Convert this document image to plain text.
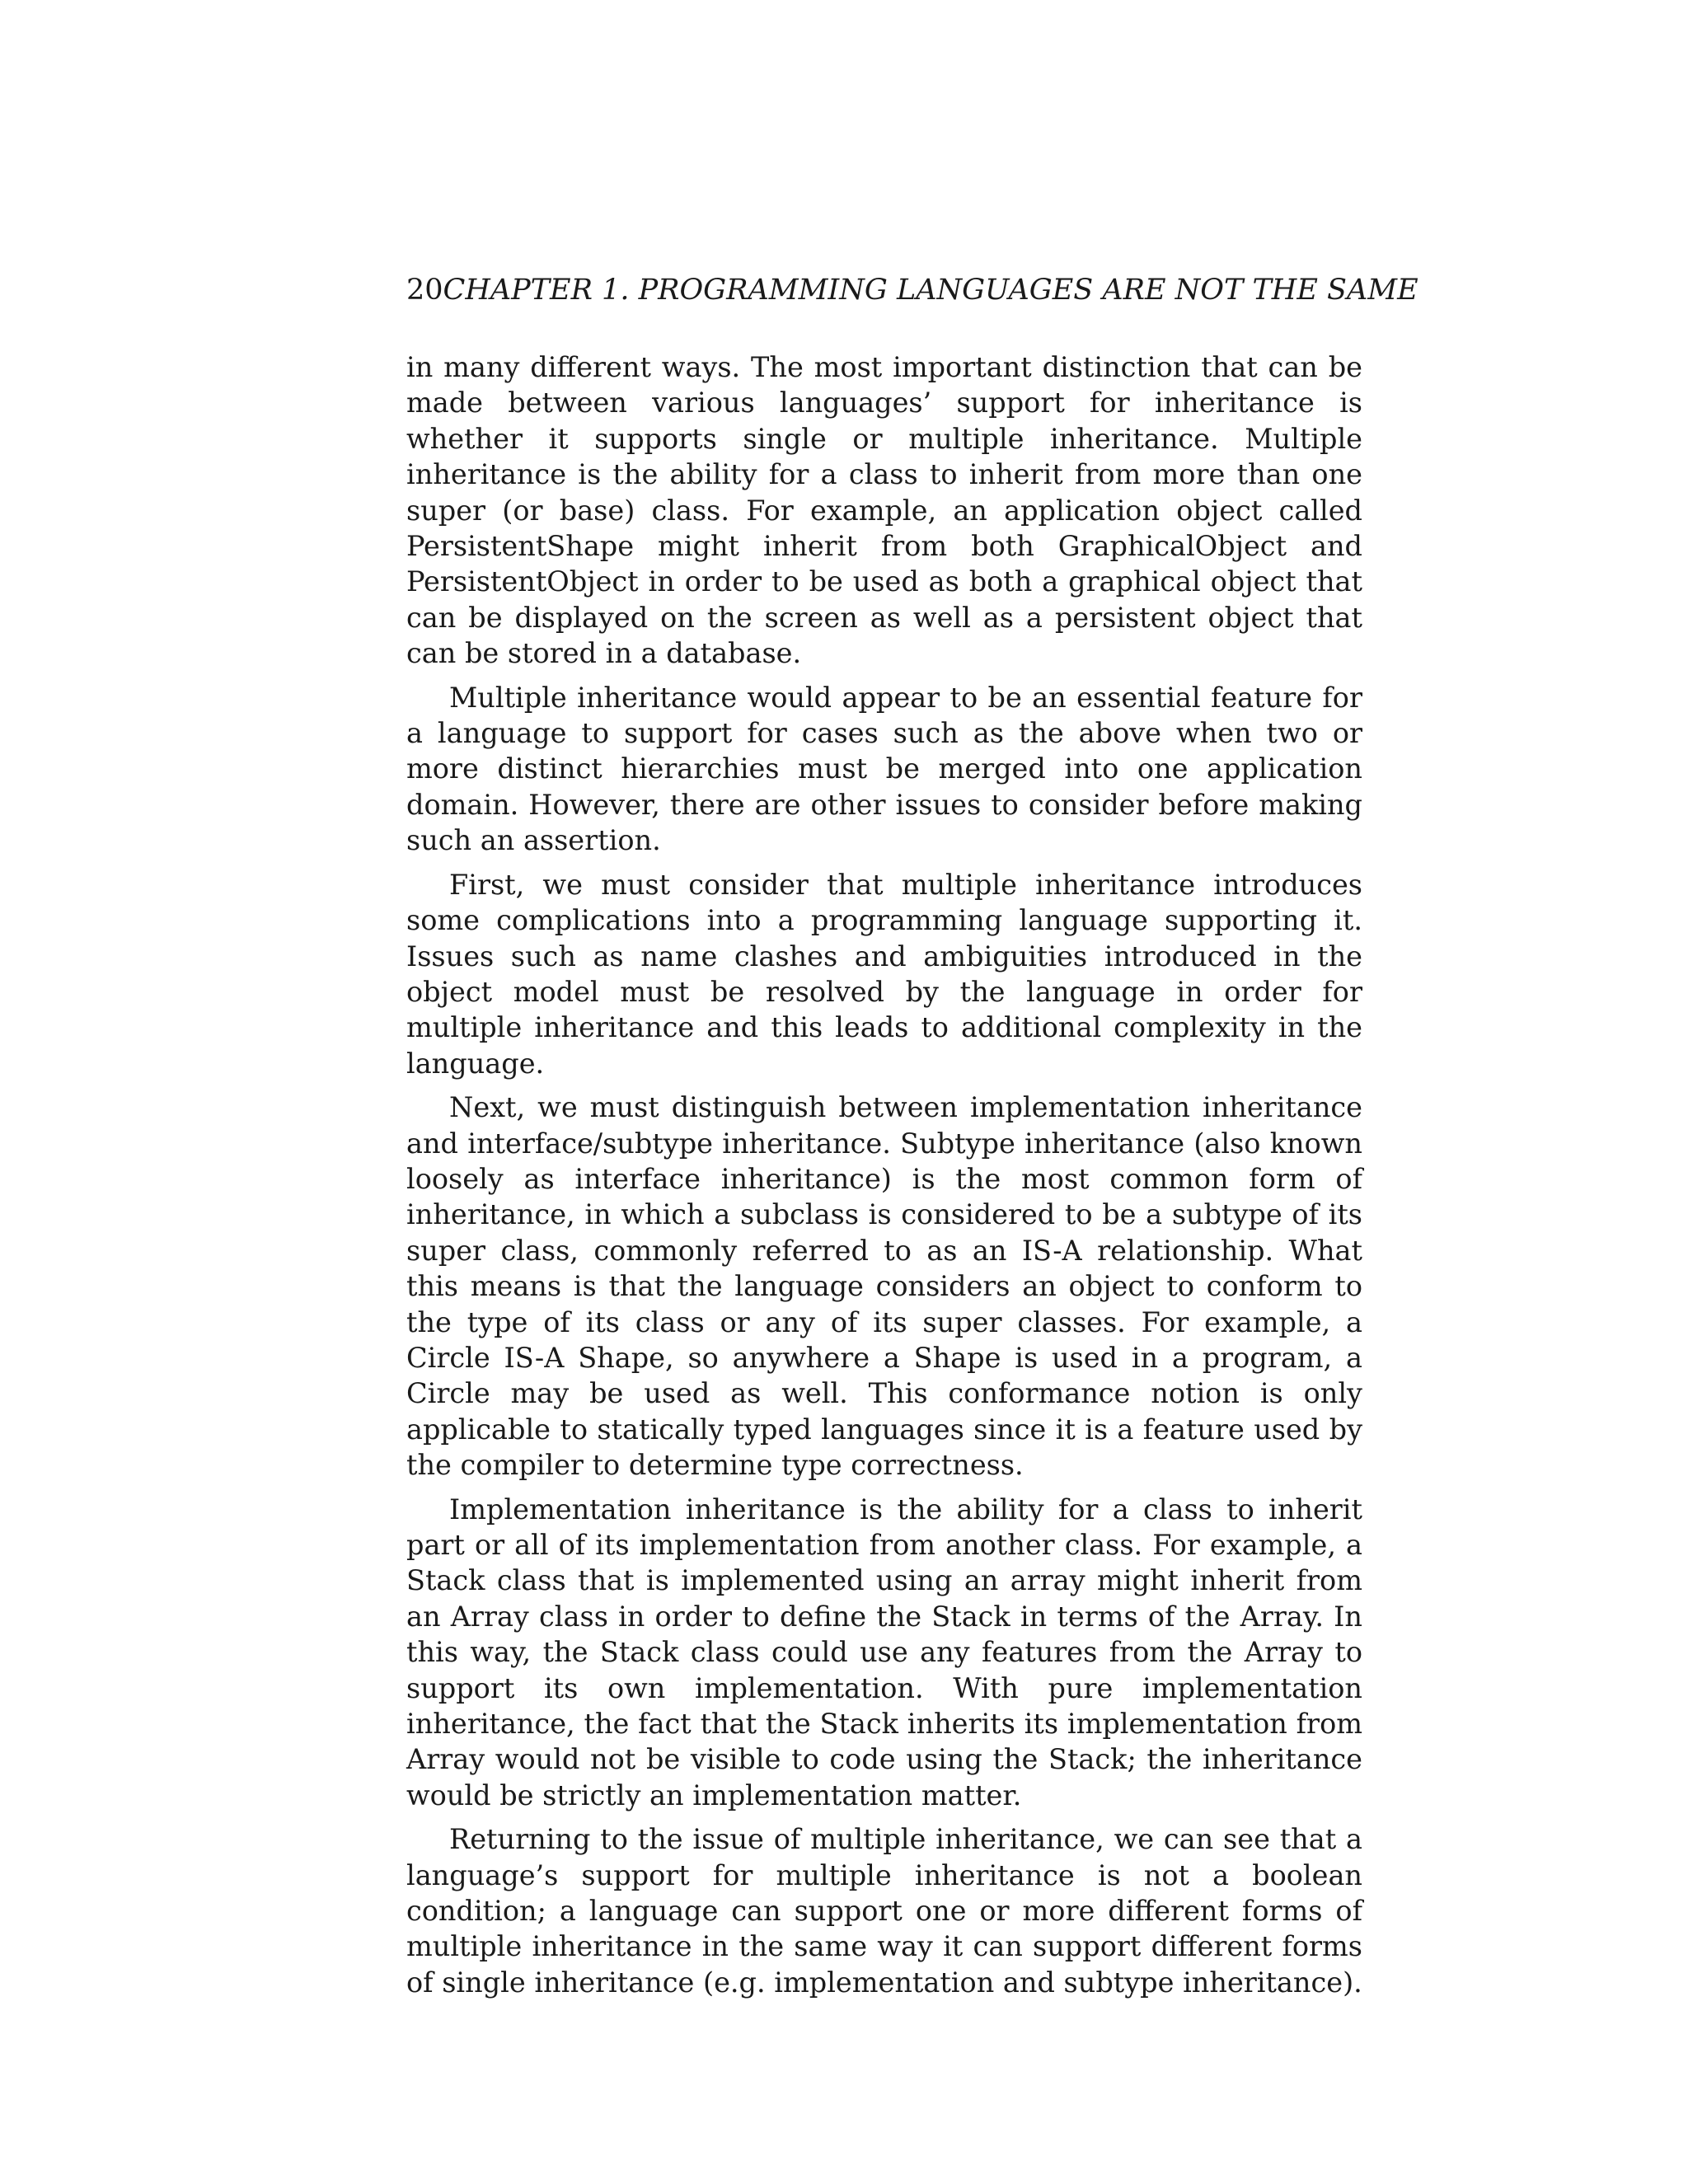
20CHAPTER 1. PROGRAMMING LANGUAGES ARE NOT THE SAME

in many different ways. The most important distinction that can be made between various languages’ support for inheritance is whether it supports single or multiple inheritance. Multiple inheritance is the ability for a class to inherit from more than one super (or base) class. For example, an application object called PersistentShape might inherit from both GraphicalObject and PersistentObject in order to be used as both a graphical object that can be displayed on the screen as well as a persistent object that can be stored in a database.

Multiple inheritance would appear to be an essential feature for a language to support for cases such as the above when two or more distinct hierarchies must be merged into one application domain. However, there are other issues to consider before making such an assertion.

First, we must consider that multiple inheritance introduces some complications into a programming language supporting it. Issues such as name clashes and ambiguities introduced in the object model must be resolved by the language in order for multiple inheritance and this leads to additional complexity in the language.

Next, we must distinguish between implementation inheritance and interface/subtype inheritance. Subtype inheritance (also known loosely as interface inheritance) is the most common form of inheritance, in which a subclass is considered to be a subtype of its super class, commonly referred to as an IS-A relationship. What this means is that the language considers an object to conform to the type of its class or any of its super classes. For example, a Circle IS-A Shape, so anywhere a Shape is used in a program, a Circle may be used as well. This conformance notion is only applicable to statically typed languages since it is a feature used by the compiler to determine type correctness.

Implementation inheritance is the ability for a class to inherit part or all of its implementation from another class. For example, a Stack class that is implemented using an array might inherit from an Array class in order to define the Stack in terms of the Array. In this way, the Stack class could use any features from the Array to support its own implementation. With pure implementation inheritance, the fact that the Stack inherits its implementation from Array would not be visible to code using the Stack; the inheritance would be strictly an implementation matter.

Returning to the issue of multiple inheritance, we can see that a language’s support for multiple inheritance is not a boolean condition; a language can support one or more different forms of multiple inheritance in the same way it can support different forms of single inheritance (e.g. implementation and subtype inheritance).
